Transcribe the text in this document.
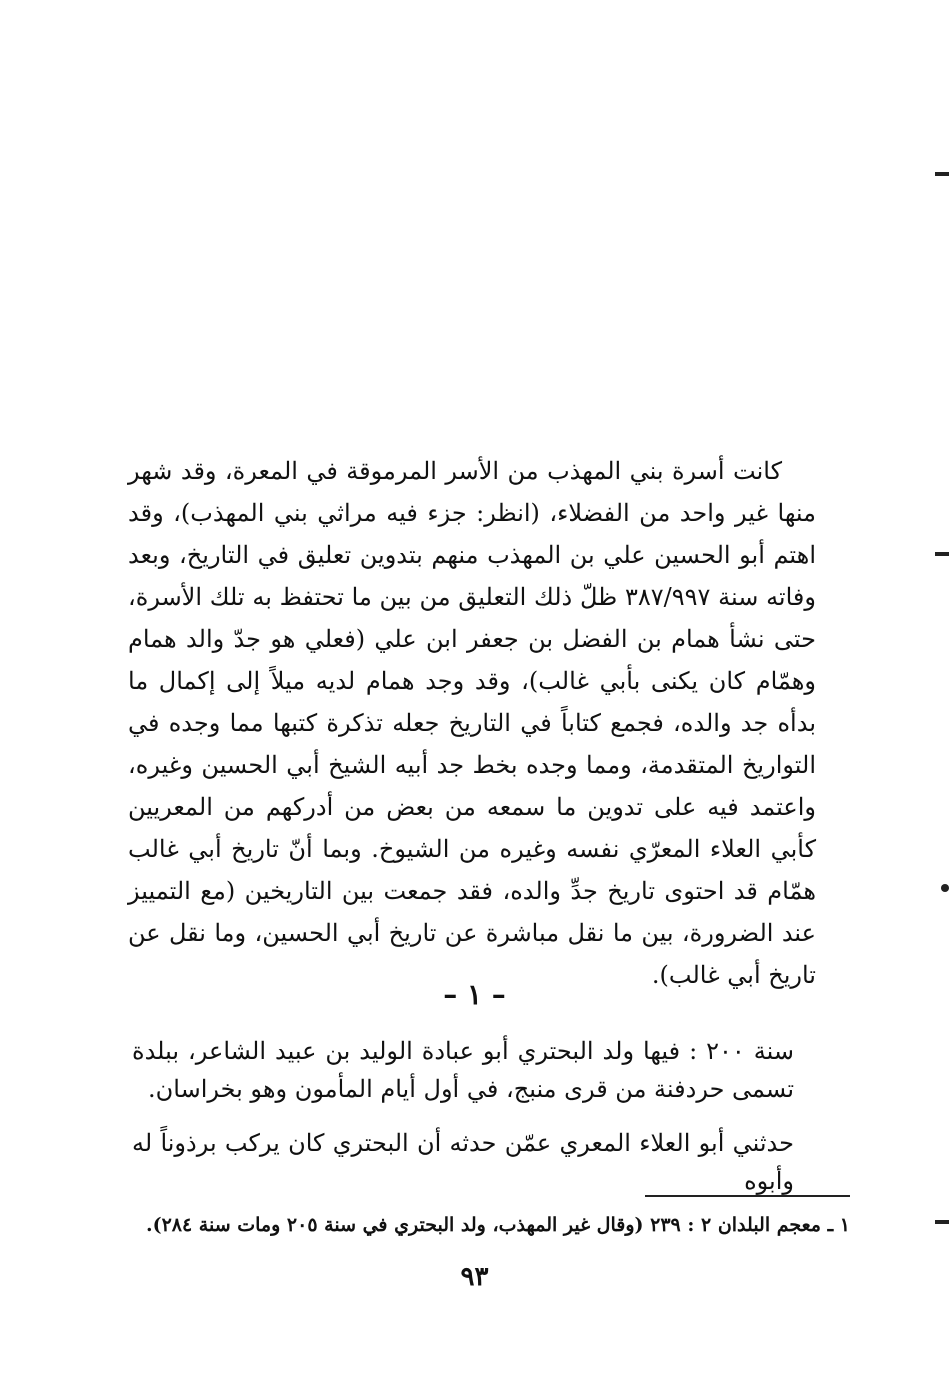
كانت أسرة بني المهذب من الأسر المرموقة في المعرة، وقد شهر منها غير واحد من الفضلاء، (انظر: جزء فيه مراثي بني المهذب)، وقد اهتم أبو الحسين علي بن المهذب منهم بتدوين تعليق في التاريخ، وبعد وفاته سنة ٣٨٧/٩٩٧ ظلّ ذلك التعليق من بين ما تحتفظ به تلك الأسرة، حتى نشأ همام بن الفضل بن جعفر ابن علي (فعلي هو جدّ والد همام وهمّام كان يكنى بأبي غالب)، وقد وجد همام لديه ميلاً إلى إكمال ما بدأه جد والده، فجمع كتاباً في التاريخ جعله تذكرة كتبها مما وجده في التواريخ المتقدمة، ومما وجده بخط جد أبيه الشيخ أبي الحسين وغيره، واعتمد فيه على تدوين ما سمعه من بعض من أدركهم من المعريين كأبي العلاء المعرّي نفسه وغيره من الشيوخ. وبما أنّ تاريخ أبي غالب همّام قد احتوى تاريخ جدِّ والده، فقد جمعت بين التاريخين (مع التمييز عند الضرورة، بين ما نقل مباشرة عن تاريخ أبي الحسين، وما نقل عن تاريخ أبي غالب).

– ١ –

سنة ٢٠٠ : فيها ولد البحتري أبو عبادة الوليد بن عبيد الشاعر، ببلدة تسمى حردفنة من قرى منبج، في أول أيام المأمون وهو بخراسان.

حدثني أبو العلاء المعري عمّن حدثه أن البحتري كان يركب برذوناً له وأبوه

١ ـ معجم البلدان ٢ : ٢٣٩ (وقال غير المهذب، ولد البحتري في سنة ٢٠٥ ومات سنة ٢٨٤).
٩٣
